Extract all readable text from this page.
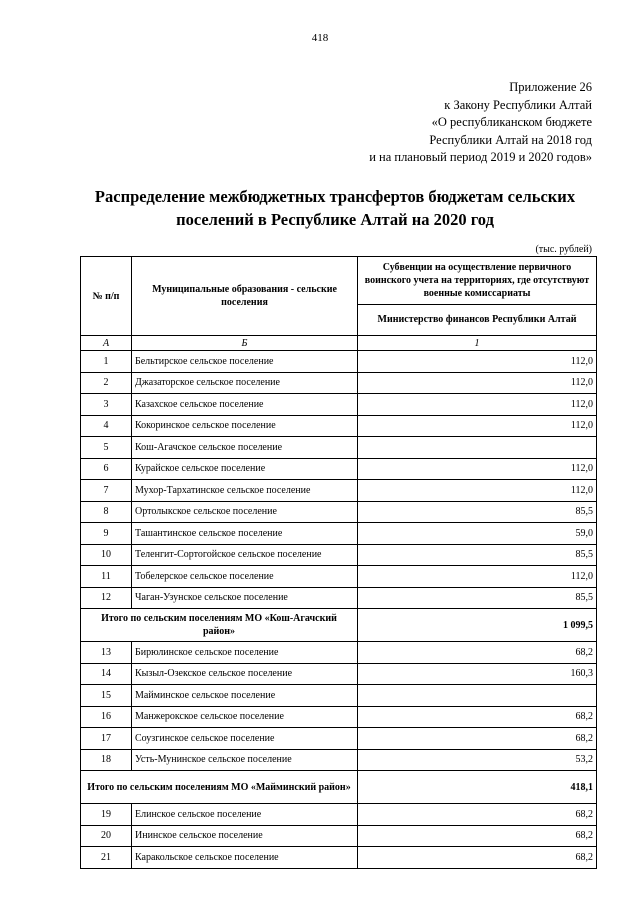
418
Приложение 26
к Закону Республики Алтай
«О республиканском бюджете
Республики Алтай на 2018 год
и на плановый период 2019 и 2020 годов»
Распределение межбюджетных трансфертов бюджетам сельских поселений в Республике Алтай на 2020 год
(тыс. рублей)
№ п/п	Муниципальные образования - сельские поселения	Субвенции на осуществление первичного воинского учета на территориях, где отсутствуют военные комиссариаты
		Министерство финансов Республики Алтай
А	Б	1
1	Бельтирское сельское поселение	112,0
2	Джазаторское сельское поселение	112,0
3	Казахское сельское поселение	112,0
4	Кокоринское сельское поселение	112,0
5	Кош-Агачское сельское поселение	
6	Курайское сельское поселение	112,0
7	Мухор-Тархатинское сельское поселение	112,0
8	Ортолыкское сельское поселение	85,5
9	Ташантинское сельское поселение	59,0
10	Теленгит-Сортогойское сельское поселение	85,5
11	Тобелерское сельское поселение	112,0
12	Чаган-Узунское сельское поселение	85,5
Итого по сельским поселениям МО «Кош-Агачский район»		1 099,5
13	Бирюлинское сельское поселение	68,2
14	Кызыл-Озекское сельское поселение	160,3
15	Майминское сельское поселение	
16	Манжерокское сельское поселение	68,2
17	Соузгинское сельское поселение	68,2
18	Усть-Мунинское сельское поселение	53,2
Итого по сельским поселениям МО «Майминский район»		418,1
19	Елинское сельское поселение	68,2
20	Ининское сельское поселение	68,2
21	Каракольское сельское поселение	68,2
